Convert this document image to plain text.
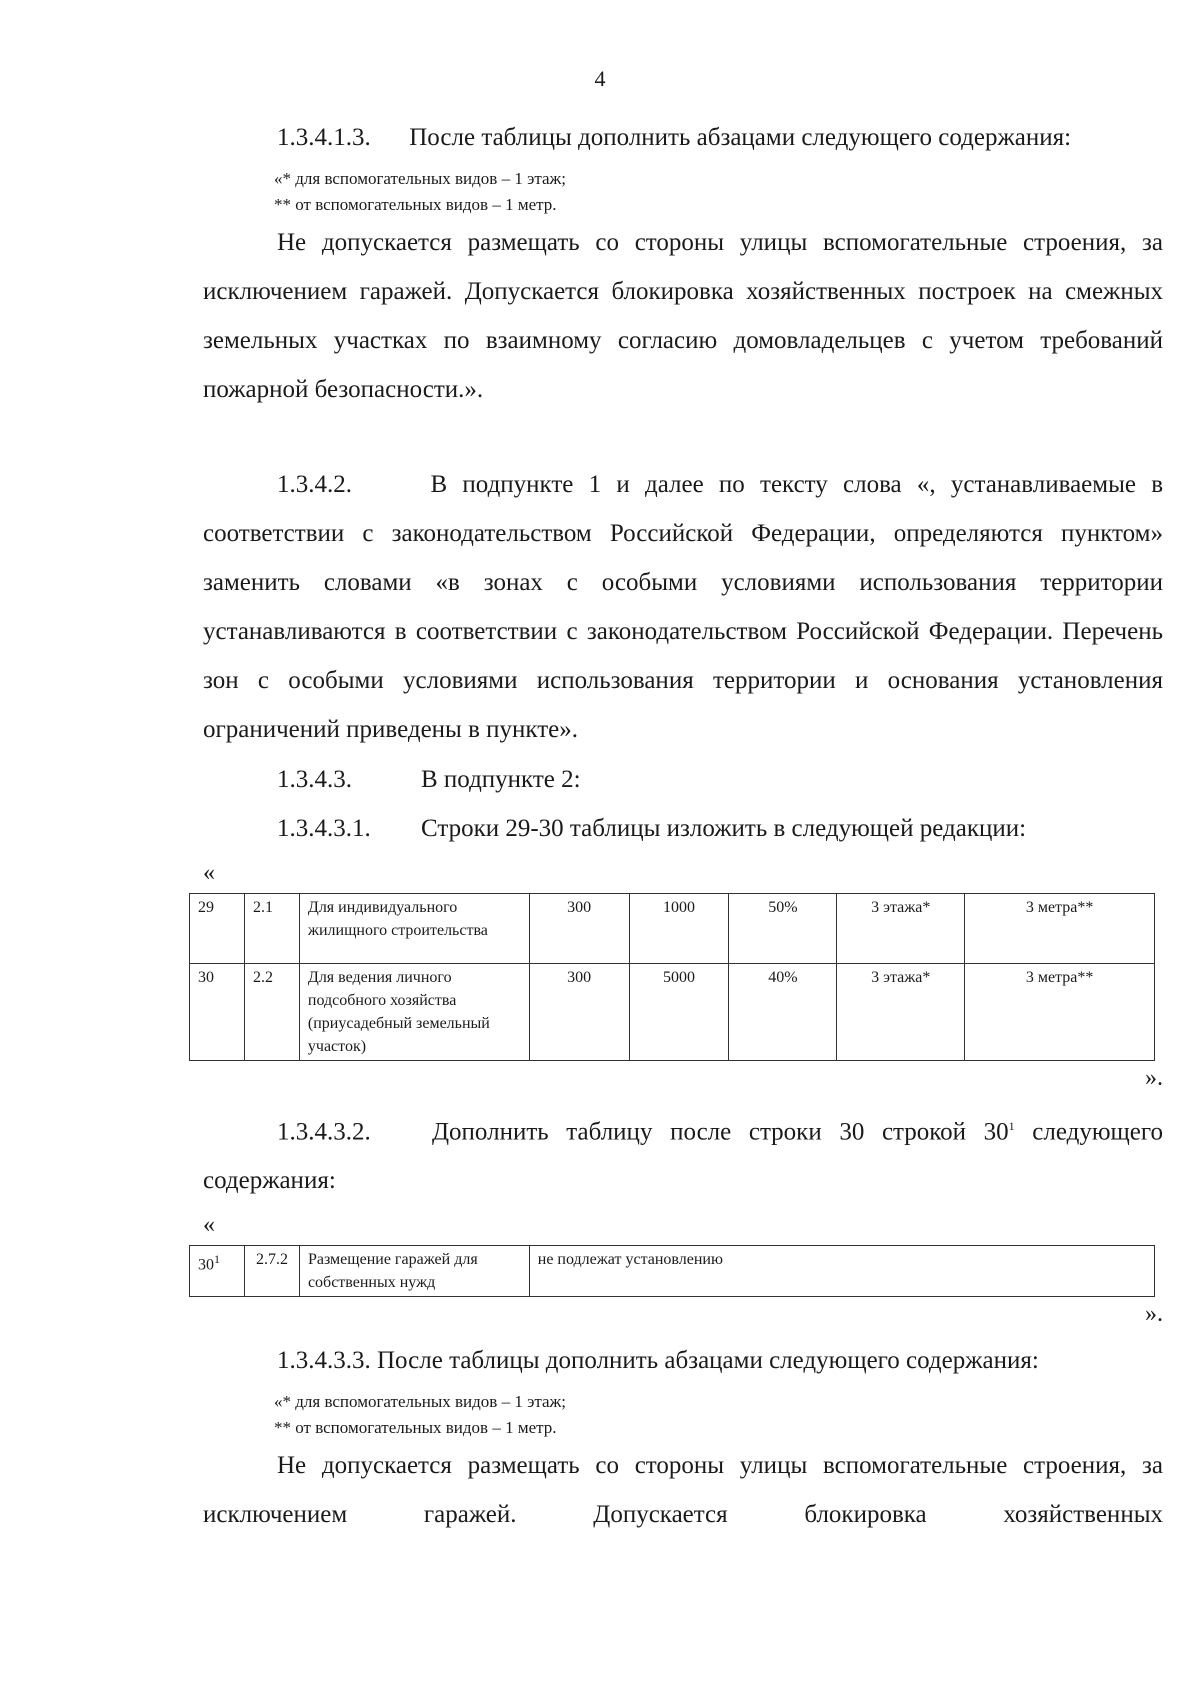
4

1.3.4.1.3. После таблицы дополнить абзацами следующего содержания:

«* для вспомогательных видов – 1 этаж;

** от вспомогательных видов – 1 метр.

Не допускается размещать со стороны улицы вспомогательные строения, за исключением гаражей. Допускается блокировка хозяйственных построек на смежных земельных участках по взаимному согласию домовладельцев с учетом требований пожарной безопасности.».

1.3.4.2.	В подпункте 1 и далее по тексту слова «, устанавливаемые в соответствии с законодательством Российской Федерации, определяются пунктом» заменить словами «в зонах с особыми условиями использования территории устанавливаются в соответствии с законодательством Российской Федерации. Перечень зон с особыми условиями использования территории и основания установления ограничений приведены в пункте».

1.3.4.3.	В подпункте 2:

1.3.4.3.1. Строки 29-30 таблицы изложить в следующей редакции:

«

29	2.1	Для индивидуального жилищного строительства	300	1000	50%	3 этажа*	3 метра**
30	2.2	Для ведения личного подсобного хозяйства (приусадебный земельный участок)	300	5000	40%	3 этажа*	3 метра**

».

1.3.4.3.2. Дополнить таблицу после строки 30 строкой $30^1$ следующего содержания:

«

$30^1$	2.7.2	Размещение гаражей для собственных нужд	не подлежат установлению

».

1.3.4.3.3. После таблицы дополнить абзацами следующего содержания:

«* для вспомогательных видов – 1 этаж;

** от вспомогательных видов – 1 метр.

Не допускается размещать со стороны улицы вспомогательные строения, за исключением гаражей. Допускается блокировка хозяйственных
